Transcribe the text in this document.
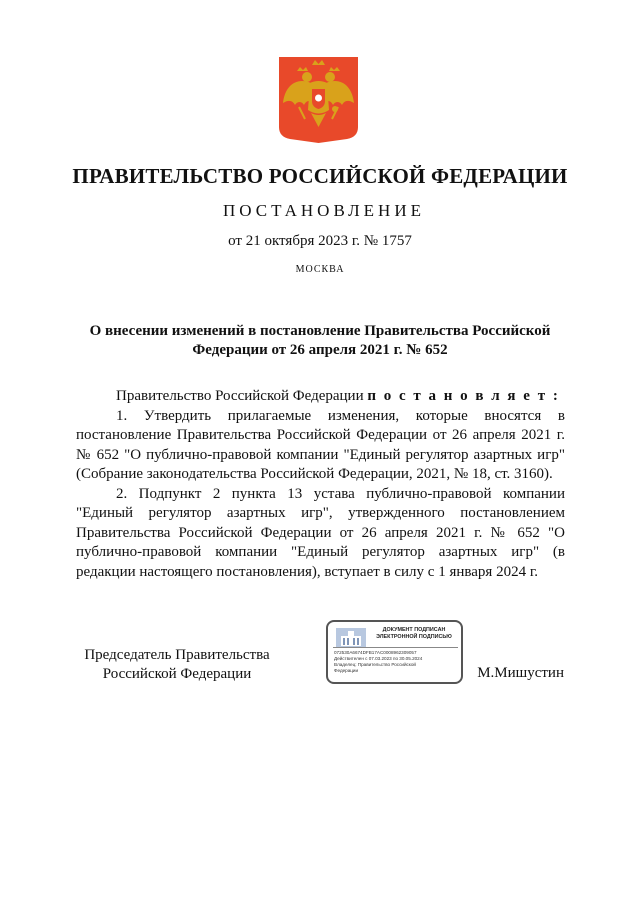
ПРАВИТЕЛЬСТВО РОССИЙСКОЙ ФЕДЕРАЦИИ
ПОСТАНОВЛЕНИЕ
от 21 октября 2023 г. № 1757
МОСКВА
О внесении изменений в постановление Правительства Российской
Федерации от 26 апреля 2021 г. № 652

Правительство Российской Федерации п о с т а н о в л я е т :

1. Утвердить прилагаемые изменения, которые вносятся в постановление Правительства Российской Федерации от 26 апреля 2021 г. № 652 "О публично-правовой компании "Единый регулятор азартных игр" (Собрание законодательства Российской Федерации, 2021, № 18, ст. 3160).

2. Подпункт 2 пункта 13 устава публично-правовой компании "Единый регулятор азартных игр", утвержденного постановлением Правительства Российской Федерации от 26 апреля 2021 г. № 652 "О публично-правовой компании "Единый регулятор азартных игр" (в редакции настоящего постановления), вступает в силу с 1 января 2024 г.

Председатель Правительства
Российской Федерации
ДОКУМЕНТ ПОДПИСАН
ЭЛЕКТРОННОЙ ПОДПИСЬЮ
072530A6674DFB17AC0008962309057
Действителен с 07.03.2023 по 30.05.2024
Владелец: Правительство Российской
Федерации	М.Мишустин
